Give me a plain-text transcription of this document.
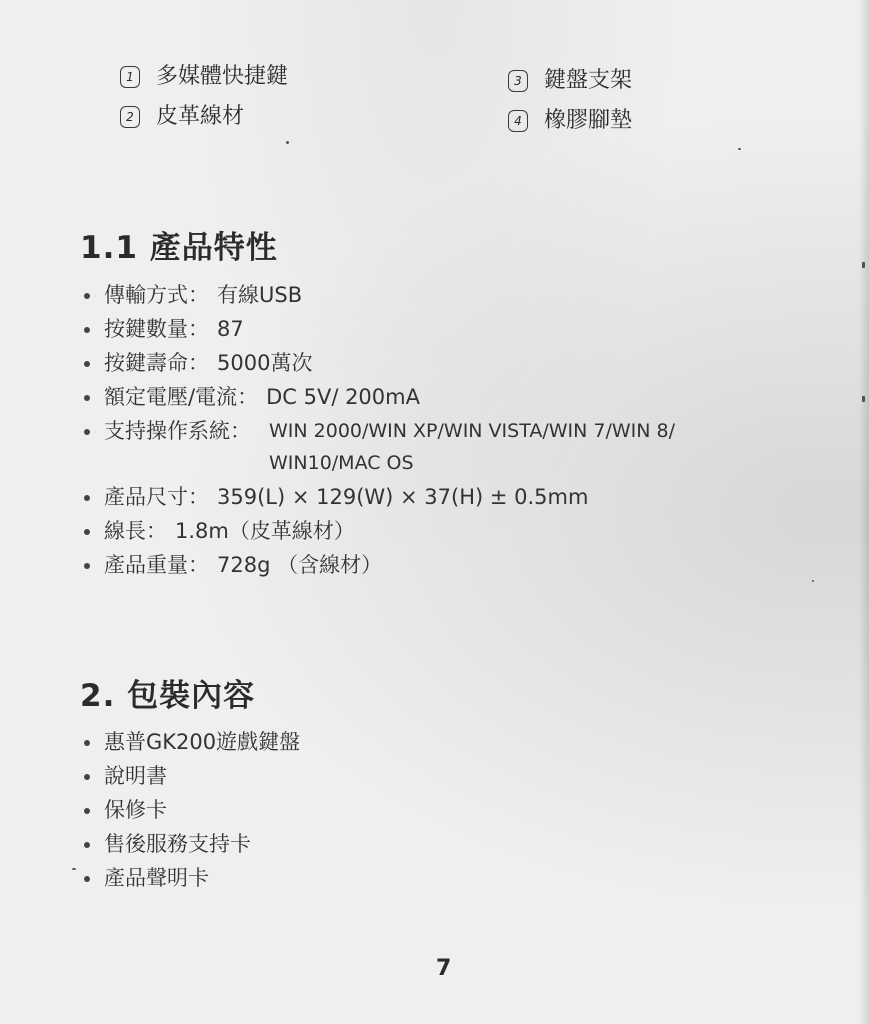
1 多媒體快捷鍵
2 皮革線材
3 鍵盤支架
4 橡膠腳墊
1.1 產品特性
傳輸方式： 有線USB
按鍵數量： 87
按鍵壽命： 5000萬次
額定電壓/電流： DC 5V/ 200mA
支持操作系統： WIN 2000/WIN XP/WIN VISTA/WIN 7/WIN 8/
WIN10/MAC OS
產品尺寸： 359(L) × 129(W) × 37(H) ± 0.5mm
線長： 1.8m（皮革線材）
產品重量： 728g （含線材）
2. 包裝內容
惠普GK200遊戲鍵盤
說明書
保修卡
售後服務支持卡
產品聲明卡
7
